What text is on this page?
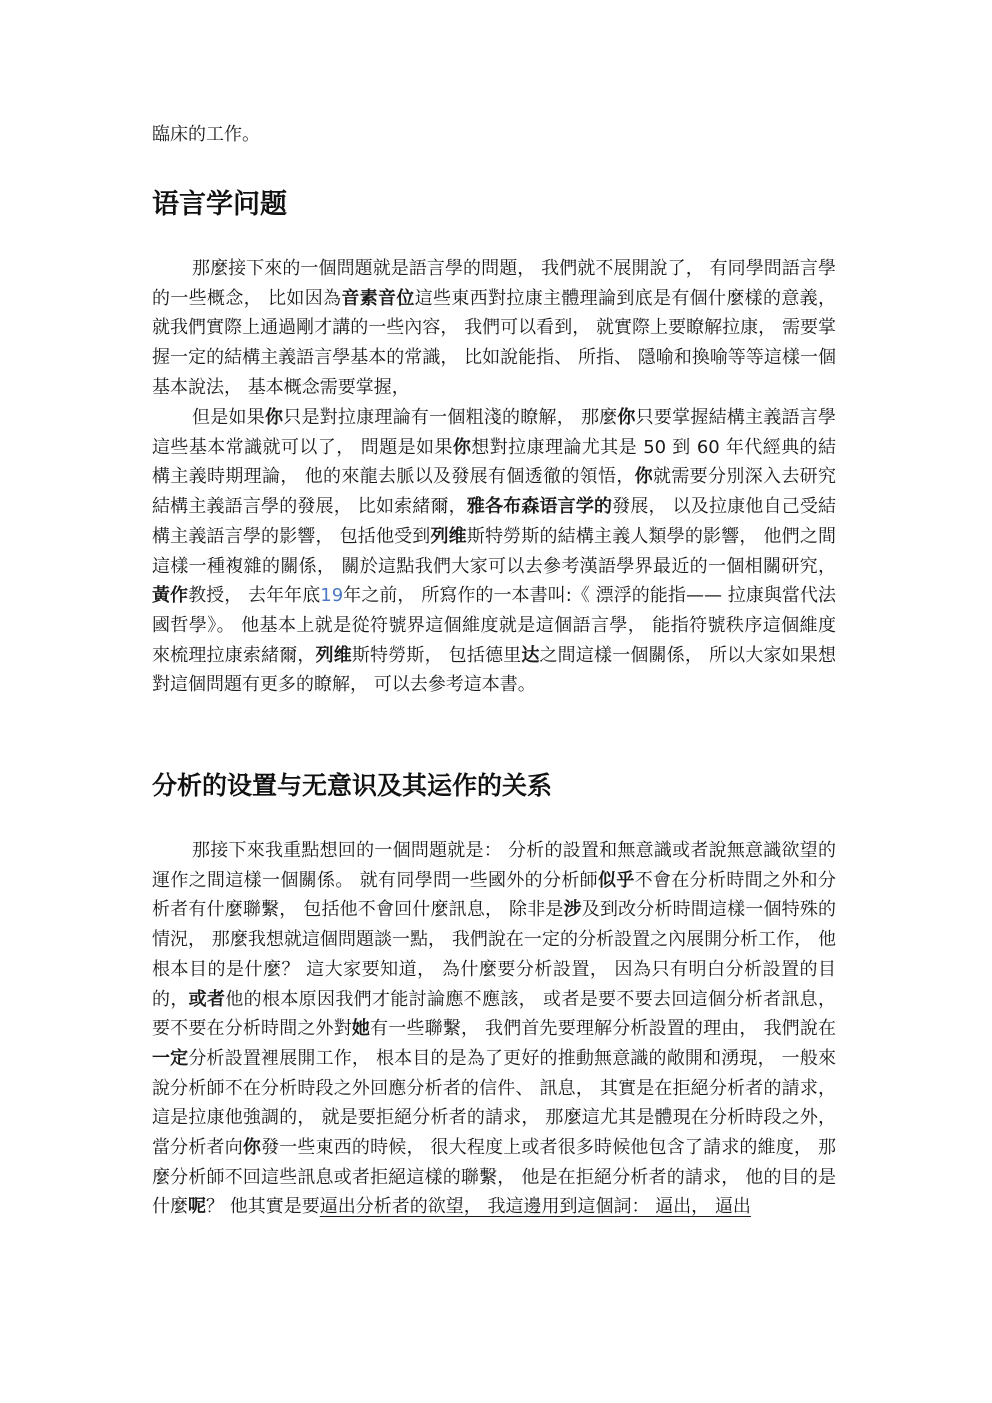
臨床的工作。
语言学问题

那麼接下來的一個問題就是語言學的問題， 我們就不展開說了， 有同學問語言學的一些概念， 比如因為音素音位這些東西對拉康主體理論到底是有個什麼樣的意義， 就我們實際上通過剛才講的一些內容， 我們可以看到， 就實際上要瞭解拉康， 需要掌握一定的結構主義語言學基本的常識， 比如說能指、 所指、 隱喻和換喻等等這樣一個基本說法， 基本概念需要掌握，

但是如果你只是對拉康理論有一個粗淺的瞭解， 那麼你只要掌握結構主義語言學這些基本常識就可以了， 問題是如果你想對拉康理論尤其是 50 到 60 年代經典的結構主義時期理論， 他的來龍去脈以及發展有個透徹的領悟，你就需要分別深入去研究結構主義語言學的發展， 比如索緒爾，雅各布森语言学的發展， 以及拉康他自己受結構主義語言學的影響， 包括他受到列维斯特勞斯的結構主義人類學的影響， 他們之間這樣一種複雜的關係， 關於這點我們大家可以去參考漢語學界最近的一個相關研究，黃作教授， 去年年底19年之前， 所寫作的一本書叫:《 漂浮的能指—— 拉康與當代法國哲學》。 他基本上就是從符號界這個維度就是這個語言學， 能指符號秩序這個維度來梳理拉康索緒爾，列维斯特勞斯， 包括德里达之間這樣一個關係， 所以大家如果想對這個問題有更多的瞭解， 可以去參考這本書。

分析的设置与无意识及其运作的关系

那接下來我重點想回的一個問題就是： 分析的設置和無意識或者說無意識欲望的運作之間這樣一個關係。 就有同學問一些國外的分析師似乎不會在分析時間之外和分析者有什麼聯繫， 包括他不會回什麼訊息， 除非是涉及到改分析時間這樣一個特殊的情況， 那麼我想就這個問題談一點， 我們說在一定的分析設置之內展開分析工作， 他根本目的是什麼？ 這大家要知道， 為什麼要分析設置， 因為只有明白分析設置的目的，或者他的根本原因我們才能討論應不應該， 或者是要不要去回這個分析者訊息， 要不要在分析時間之外對她有一些聯繫， 我們首先要理解分析設置的理由， 我們說在一定分析設置裡展開工作， 根本目的是為了更好的推動無意識的敞開和湧現， 一般來說分析師不在分析時段之外回應分析者的信件、 訊息， 其實是在拒絕分析者的請求， 這是拉康他強調的， 就是要拒絕分析者的請求， 那麼這尤其是體現在分析時段之外， 當分析者向你發一些東西的時候， 很大程度上或者很多時候他包含了請求的維度， 那麼分析師不回這些訊息或者拒絕這樣的聯繫， 他是在拒絕分析者的請求， 他的目的是什麼呢？ 他其實是要逼出分析者的欲望， 我這邊用到這個詞： 逼出， 逼出
